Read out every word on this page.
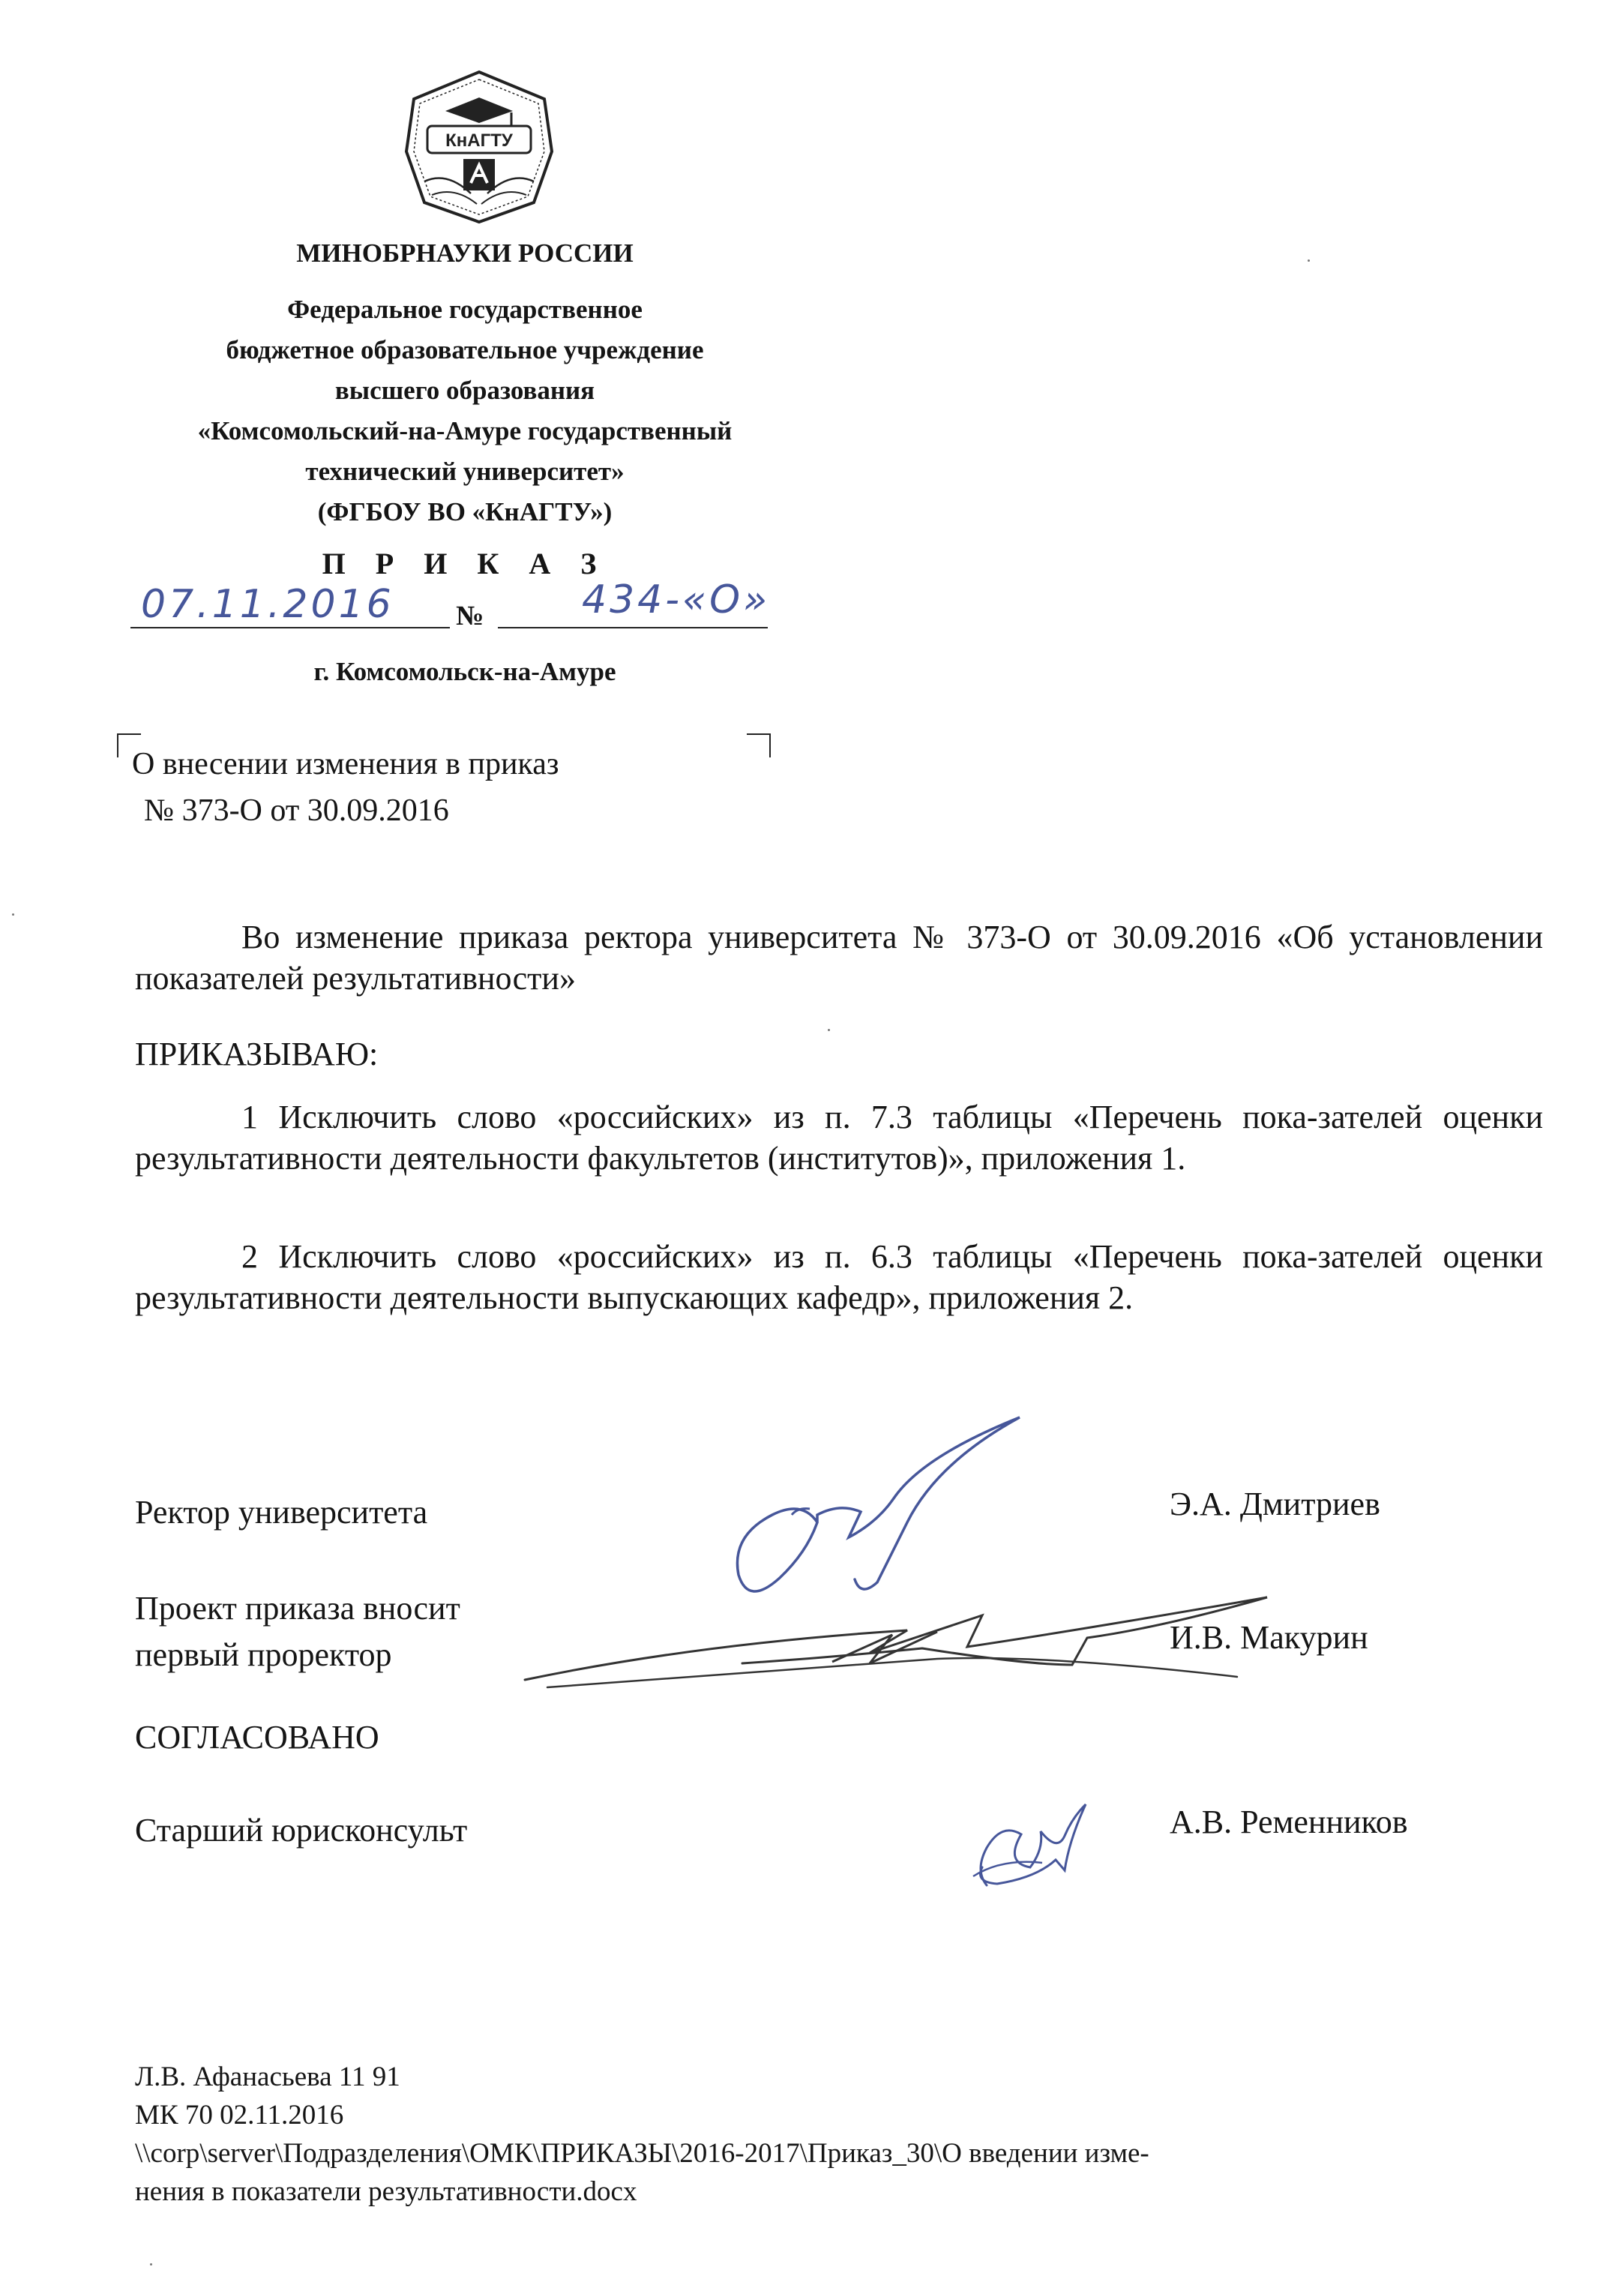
КнАГТУ
МИНОБРНАУКИ РОССИИ
Федеральное государственное
бюджетное образовательное учреждение
высшего образования
«Комсомольский-на-Амуре государственный
технический университет»
(ФГБОУ ВО «КнАГТУ»)
П Р И К А З
07.11.2016 №	434-«О»
г. Комсомольск-на-Амуре
О внесении изменения в приказ
№ 373-О от 30.09.2016
Во изменение приказа ректора университета № 373-О от 30.09.2016 «Об установлении показателей результативности»
ПРИКАЗЫВАЮ:
1 Исключить слово «российских» из п. 7.3 таблицы «Перечень пока-зателей оценки результативности деятельности факультетов (институтов)», приложения 1.
2 Исключить слово «российских» из п. 6.3 таблицы «Перечень пока-зателей оценки результативности деятельности выпускающих кафедр», приложения 2.
Ректор университета	Э.А. Дмитриев
Проект приказа вносит
первый проректор	И.В. Макурин
СОГЛАСОВАНО
Старший юрисконсульт	А.В. Ременников
Л.В. Афанасьева 11 91
МК 70 02.11.2016
\\corp\server\Подразделения\ОМК\ПРИКАЗЫ\2016-2017\Приказ_30\О введении изме-
нения в показатели результативности.docx
